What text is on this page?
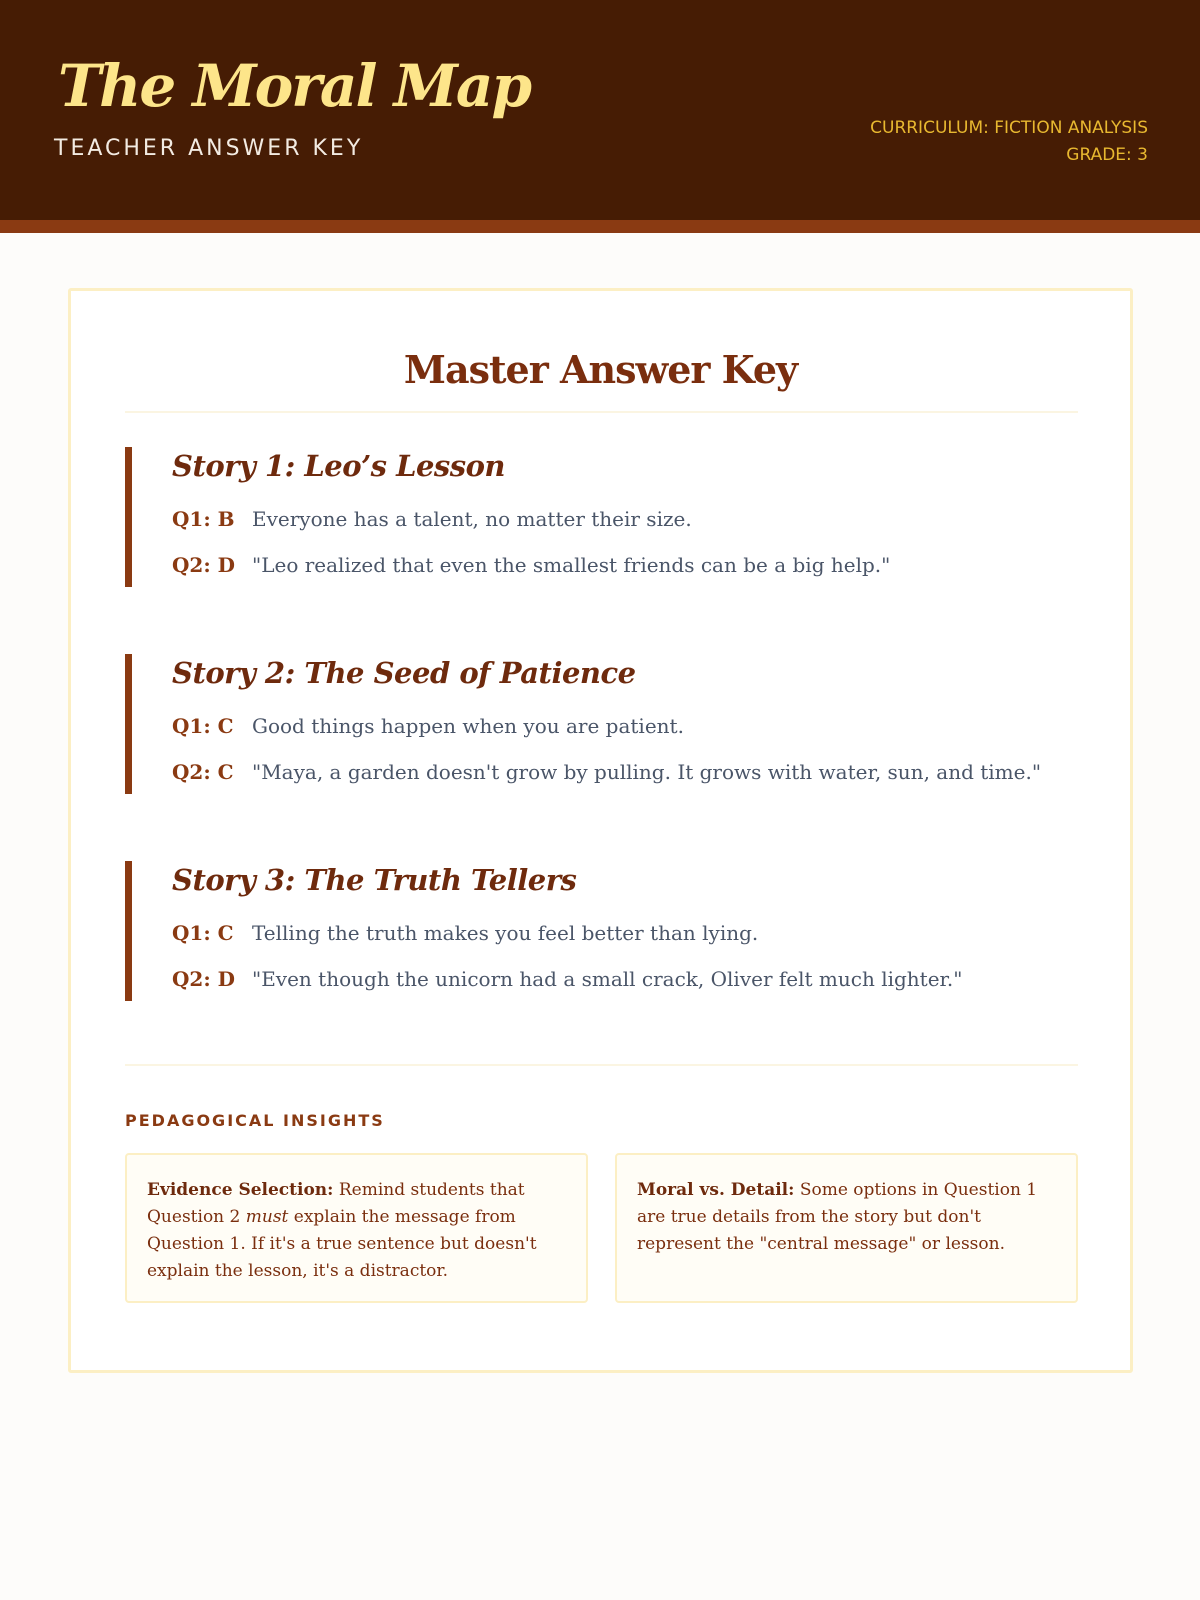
The Moral Map
TEACHER ANSWER KEY
CURRICULUM: FICTION ANALYSIS
GRADE: 3
Master Answer Key
Story 1: Leo’s Lesson
Q1: B Everyone has a talent, no matter their size.
Q2: D "Leo realized that even the smallest friends can be a big help."
Story 2: The Seed of Patience
Q1: C Good things happen when you are patient.
Q2: C "Maya, a garden doesn't grow by pulling. It grows with water, sun, and time."
Story 3: The Truth Tellers
Q1: C Telling the truth makes you feel better than lying.
Q2: D "Even though the unicorn had a small crack, Oliver felt much lighter."
PEDAGOGICAL INSIGHTS
Evidence Selection: Remind students that Question 2 must explain the message from Question 1. If it's a true sentence but doesn't explain the lesson, it's a distractor.
Moral vs. Detail: Some options in Question 1 are true details from the story but don't represent the "central message" or lesson.
